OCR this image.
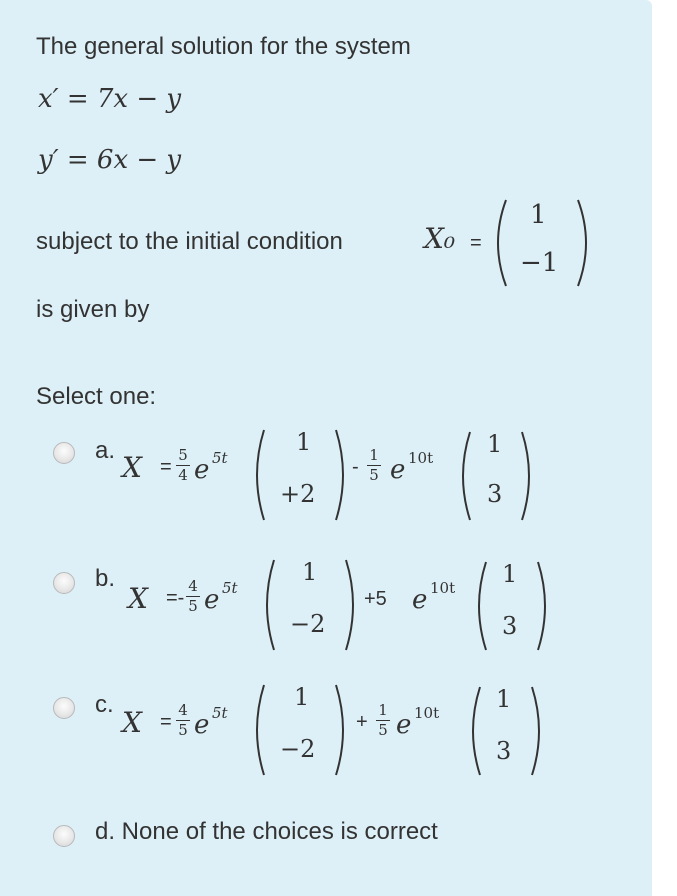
The general solution for the system
x′ = 7x − y
y′ = 6x − y
subject to the initial condition	X₀ =
1
−1
is given by
Select one:
a.
X =
5
4 e 5t
1
+2
-
1
5 e 10t 1
3
b.
X =-
4
5 e 5t
1
−2
+5 e 10t 1
3
c.
X =
4
5 e 5t
1
−2
+
1
5 e 10t 1
3
d. None of the choices is correct
